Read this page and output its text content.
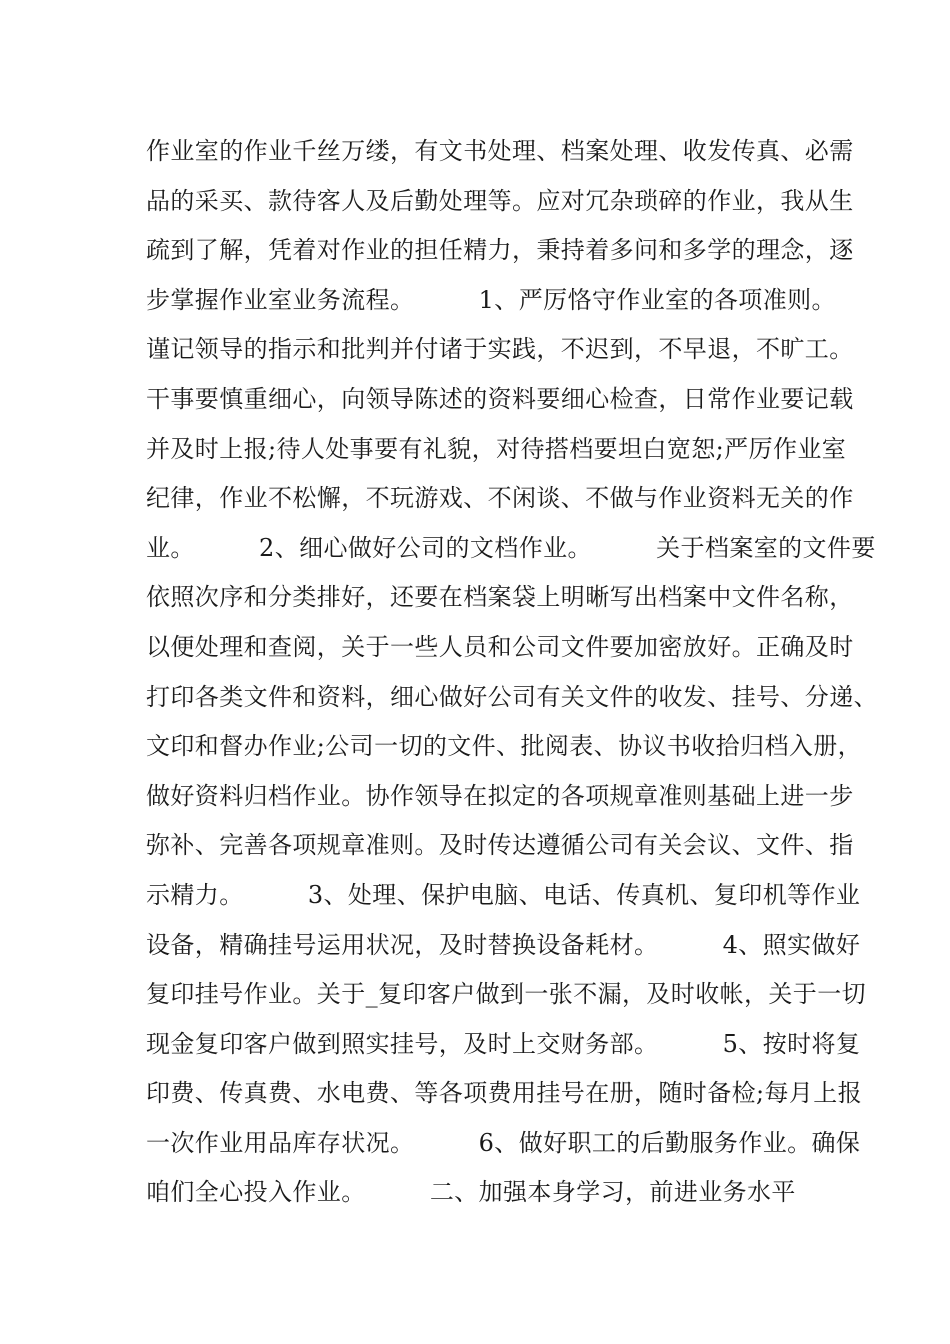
作业室的作业千丝万缕，有文书处理、档案处理、收发传真、必需
品的采买、款待客人及后勤处理等。应对冗杂琐碎的作业，我从生
疏到了解，凭着对作业的担任精力，秉持着多问和多学的理念，逐
步掌握作业室业务流程。        1、严厉恪守作业室的各项准则。
谨记领导的指示和批判并付诸于实践，不迟到，不早退，不旷工。
干事要慎重细心，向领导陈述的资料要细心检查，日常作业要记载
并及时上报;待人处事要有礼貌，对待搭档要坦白宽恕;严厉作业室
纪律，作业不松懈，不玩游戏、不闲谈、不做与作业资料无关的作
业。        2、细心做好公司的文档作业。        关于档案室的文件要
依照次序和分类排好，还要在档案袋上明晰写出档案中文件名称，
以便处理和查阅，关于一些人员和公司文件要加密放好。正确及时
打印各类文件和资料，细心做好公司有关文件的收发、挂号、分递、
文印和督办作业;公司一切的文件、批阅表、协议书收拾归档入册，
做好资料归档作业。协作领导在拟定的各项规章准则基础上进一步
弥补、完善各项规章准则。及时传达遵循公司有关会议、文件、指
示精力。        3、处理、保护电脑、电话、传真机、复印机等作业
设备，精确挂号运用状况，及时替换设备耗材。        4、照实做好
复印挂号作业。关于_复印客户做到一张不漏，及时收帐，关于一切
现金复印客户做到照实挂号，及时上交财务部。        5、按时将复
印费、传真费、水电费、等各项费用挂号在册，随时备检;每月上报
一次作业用品库存状况。        6、做好职工的后勤服务作业。确保
咱们全心投入作业。        二、加强本身学习，前进业务水平
